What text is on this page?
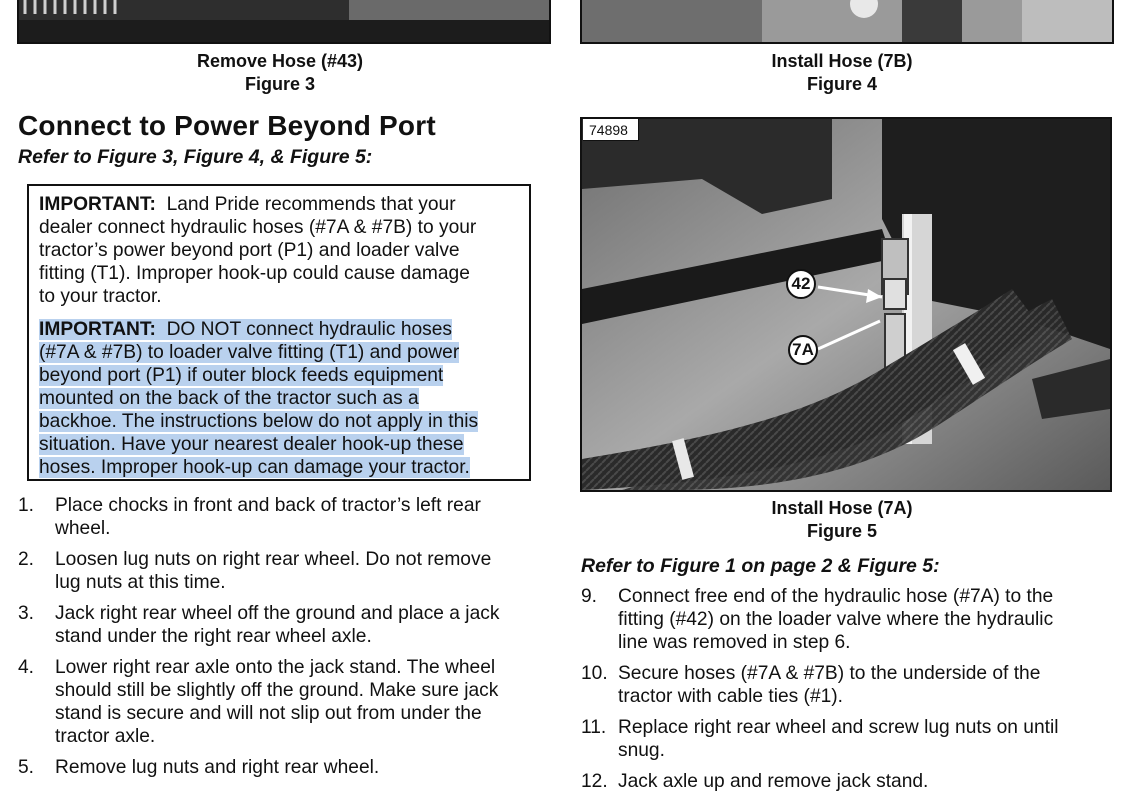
Remove Hose (#43)
Figure 3
Install Hose (7B)
Figure 4
Connect to Power Beyond Port
Refer to Figure 3, Figure 4, & Figure 5:
IMPORTANT: Land Pride recommends that your
dealer connect hydraulic hoses (#7A & #7B) to your
tractor’s power beyond port (P1) and loader valve
fitting (T1). Improper hook-up could cause damage
to your tractor.
IMPORTANT: DO NOT connect hydraulic hoses
(#7A & #7B) to loader valve fitting (T1) and power
beyond port (P1) if outer block feeds equipment
mounted on the back of the tractor such as a
backhoe. The instructions below do not apply in this
situation. Have your nearest dealer hook-up these
hoses. Improper hook-up can damage your tractor.
1. Place chocks in front and back of tractor’s left rear
wheel.
2. Loosen lug nuts on right rear wheel. Do not remove
lug nuts at this time.
3. Jack right rear wheel off the ground and place a jack
stand under the right rear wheel axle.
4. Lower right rear axle onto the jack stand. The wheel
should still be slightly off the ground. Make sure jack
stand is secure and will not slip out from under the
tractor axle.
5. Remove lug nuts and right rear wheel.
74898
42
7A
Install Hose (7A)
Figure 5
Refer to Figure 1 on page 2 & Figure 5:
9. Connect free end of the hydraulic hose (#7A) to the
fitting (#42) on the loader valve where the hydraulic
line was removed in step 6.
10. Secure hoses (#7A & #7B) to the underside of the
tractor with cable ties (#1).
11. Replace right rear wheel and screw lug nuts on until
snug.
12. Jack axle up and remove jack stand.
